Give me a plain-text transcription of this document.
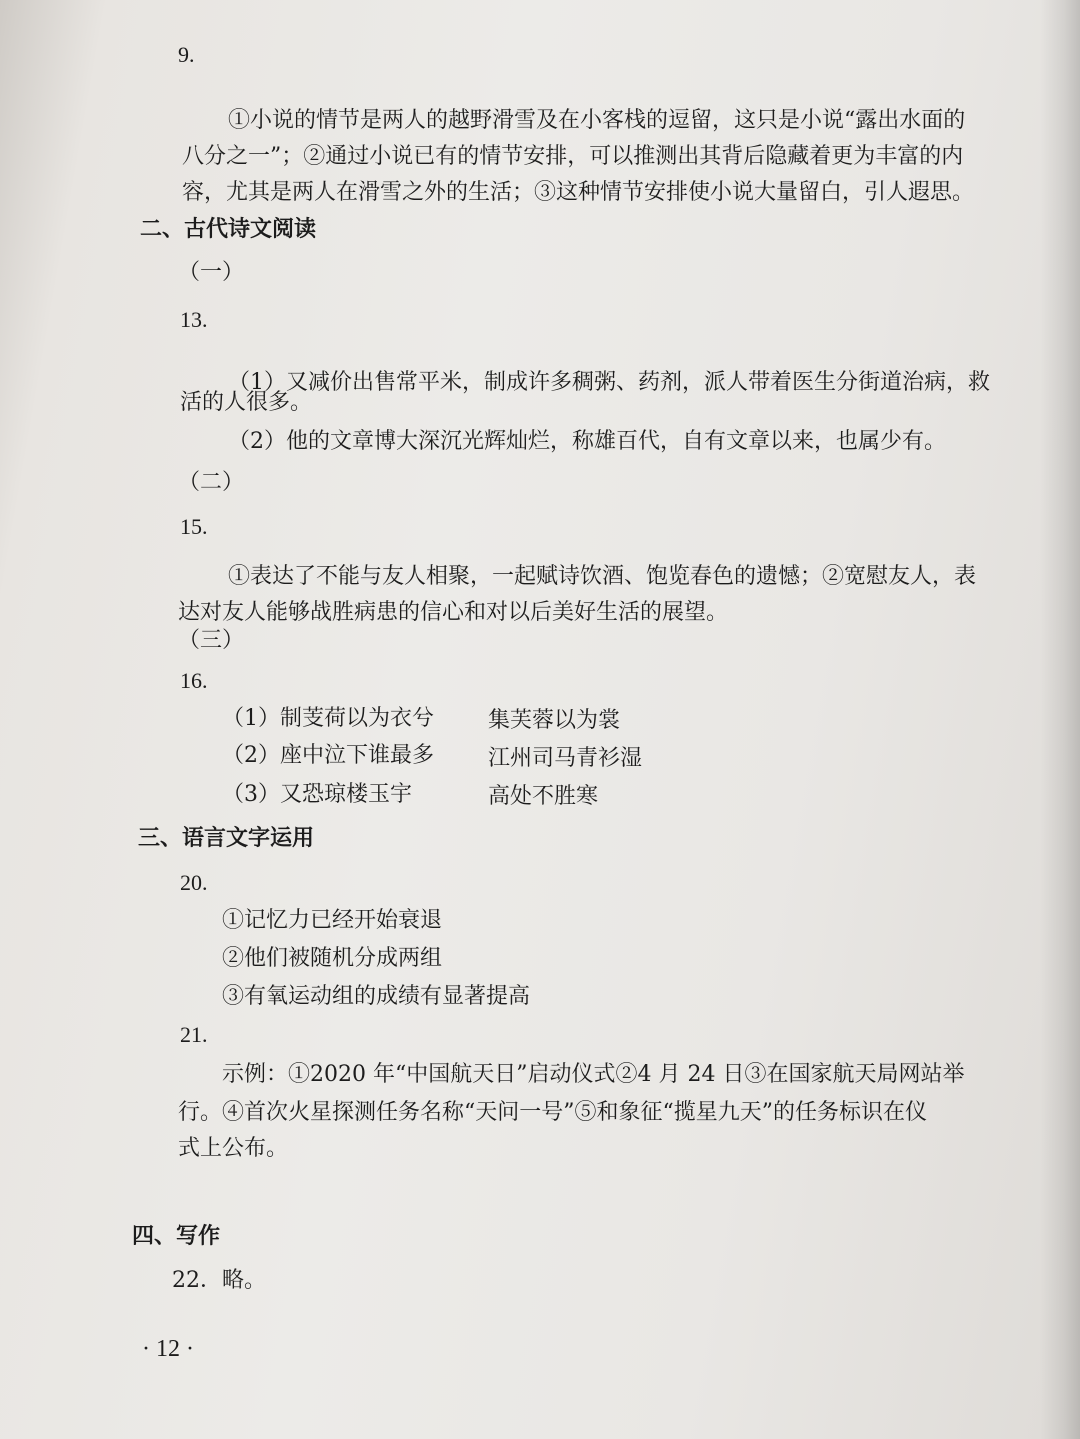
9.
①小说的情节是两人的越野滑雪及在小客栈的逗留，这只是小说“露出水面的
八分之一”；②通过小说已有的情节安排，可以推测出其背后隐藏着更为丰富的内
容，尤其是两人在滑雪之外的生活；③这种情节安排使小说大量留白，引人遐思。
二、古代诗文阅读
（一）
13.
（1）又减价出售常平米，制成许多稠粥、药剂，派人带着医生分街道治病，救
活的人很多。
（2）他的文章博大深沉光辉灿烂，称雄百代，自有文章以来，也属少有。
（二）
15.
①表达了不能与友人相聚，一起赋诗饮酒、饱览春色的遗憾；②宽慰友人，表
达对友人能够战胜病患的信心和对以后美好生活的展望。
（三）
16.
（1）制芰荷以为衣兮 集芙蓉以为裳
（2）座中泣下谁最多 江州司马青衫湿
（3）又恐琼楼玉宇	高处不胜寒
三、语言文字运用
20.
①记忆力已经开始衰退
②他们被随机分成两组
③有氧运动组的成绩有显著提高
21.
示例：①2020 年“中国航天日”启动仪式②4 月 24 日③在国家航天局网站举
行。④首次火星探测任务名称“天问一号”⑤和象征“揽星九天”的任务标识在仪
式上公布。
四、写作
22．略。
· 12 ·
